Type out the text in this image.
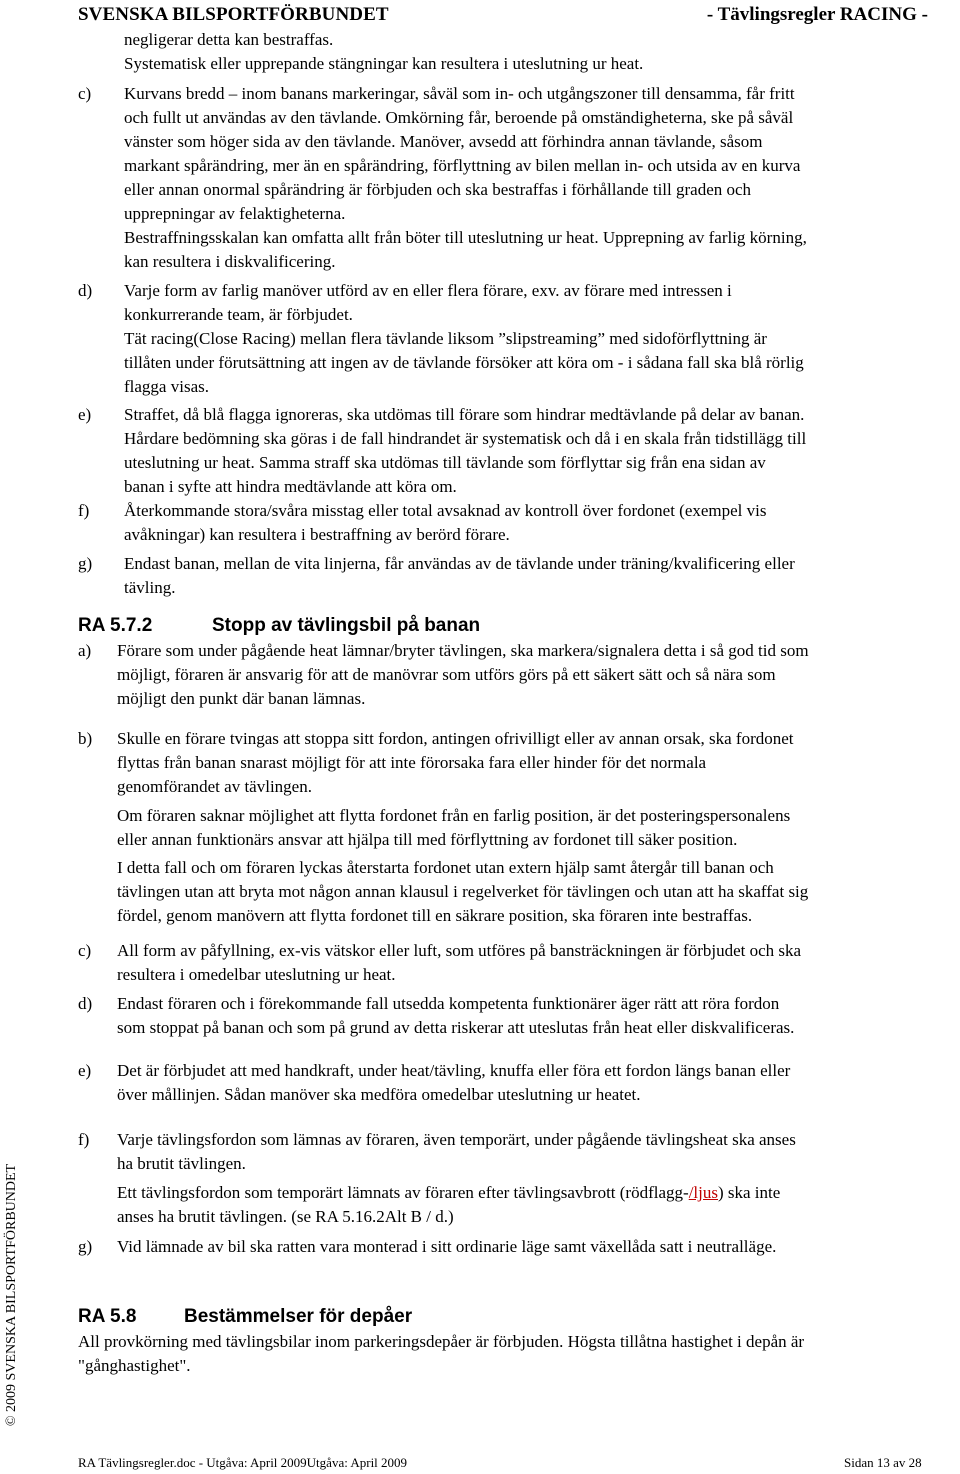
SVENSKA BILSPORTFÖRBUNDET	- Tävlingsregler RACING -
negligerar detta kan bestraffas.
Systematisk eller upprepande stängningar kan resultera i uteslutning ur heat.
c) Kurvans bredd – inom banans markeringar, såväl som in- och utgångszoner till densamma, får fritt
och fullt ut användas av den tävlande. Omkörning får, beroende på omständigheterna, ske på såväl
vänster som höger sida av den tävlande. Manöver, avsedd att förhindra annan tävlande, såsom
markant spårändring, mer än en spårändring, förflyttning av bilen mellan in- och utsida av en kurva
eller annan onormal spårändring är förbjuden och ska bestraffas i förhållande till graden och
upprepningar av felaktigheterna.
Bestraffningsskalan kan omfatta allt från böter till uteslutning ur heat. Upprepning av farlig körning,
kan resultera i diskvalificering.
d) Varje form av farlig manöver utförd av en eller flera förare, exv. av förare med intressen i
konkurrerande team, är förbjudet.
Tät racing(Close Racing) mellan flera tävlande liksom ”slipstreaming” med sidoförflyttning är
tillåten under förutsättning att ingen av de tävlande försöker att köra om - i sådana fall ska blå rörlig
flagga visas.
e) Straffet, då blå flagga ignoreras, ska utdömas till förare som hindrar medtävlande på delar av banan.
Hårdare bedömning ska göras i de fall hindrandet är systematisk och då i en skala från tidstillägg till
uteslutning ur heat. Samma straff ska utdömas till tävlande som förflyttar sig från ena sidan av
banan i syfte att hindra medtävlande att köra om.
f) Återkommande stora/svåra misstag eller total avsaknad av kontroll över fordonet (exempel vis
avåkningar) kan resultera i bestraffning av berörd förare.
g) Endast banan, mellan de vita linjerna, får användas av de tävlande under träning/kvalificering eller
tävling.
RA 5.7.2	Stopp av tävlingsbil på banan
a) Förare som under pågående heat lämnar/bryter tävlingen, ska markera/signalera detta i så god tid som
möjligt, föraren är ansvarig för att de manövrar som utförs görs på ett säkert sätt och så nära som
möjligt den punkt där banan lämnas.
b) Skulle en förare tvingas att stoppa sitt fordon, antingen ofrivilligt eller av annan orsak, ska fordonet
flyttas från banan snarast möjligt för att inte förorsaka fara eller hinder för det normala
genomförandet av tävlingen.
Om föraren saknar möjlighet att flytta fordonet från en farlig position, är det posteringspersonalens
eller annan funktionärs ansvar att hjälpa till med förflyttning av fordonet till säker position.
I detta fall och om föraren lyckas återstarta fordonet utan extern hjälp samt återgår till banan och
tävlingen utan att bryta mot någon annan klausul i regelverket för tävlingen och utan att ha skaffat sig
fördel, genom manövern att flytta fordonet till en säkrare position, ska föraren inte bestraffas.
c) All form av påfyllning, ex-vis vätskor eller luft, som utföres på bansträckningen är förbjudet och ska
resultera i omedelbar uteslutning ur heat.
d) Endast föraren och i förekommande fall utsedda kompetenta funktionärer äger rätt att röra fordon
som stoppat på banan och som på grund av detta riskerar att uteslutas från heat eller diskvalificeras.
e) Det är förbjudet att med handkraft, under heat/tävling, knuffa eller föra ett fordon längs banan eller
över mållinjen. Sådan manöver ska medföra omedelbar uteslutning ur heatet.
f) Varje tävlingsfordon som lämnas av föraren, även temporärt, under pågående tävlingsheat ska anses
ha brutit tävlingen.
Ett tävlingsfordon som temporärt lämnats av föraren efter tävlingsavbrott (rödflagg-/ljus) ska inte
anses ha brutit tävlingen. (se RA 5.16.2Alt B / d.)
g) Vid lämnade av bil ska ratten vara monterad i sitt ordinarie läge samt växellåda satt i neutralläge.
RA 5.8	Bestämmelser för depåer
All provkörning med tävlingsbilar inom parkeringsdepåer är förbjuden. Högsta tillåtna hastighet i depån är
"gånghastighet".
© 2009 SVENSKA BILSPORTFÖRBUNDET
RA Tävlingsregler.doc - Utgåva: April 2009Utgåva: April 2009	Sidan 13 av 28
